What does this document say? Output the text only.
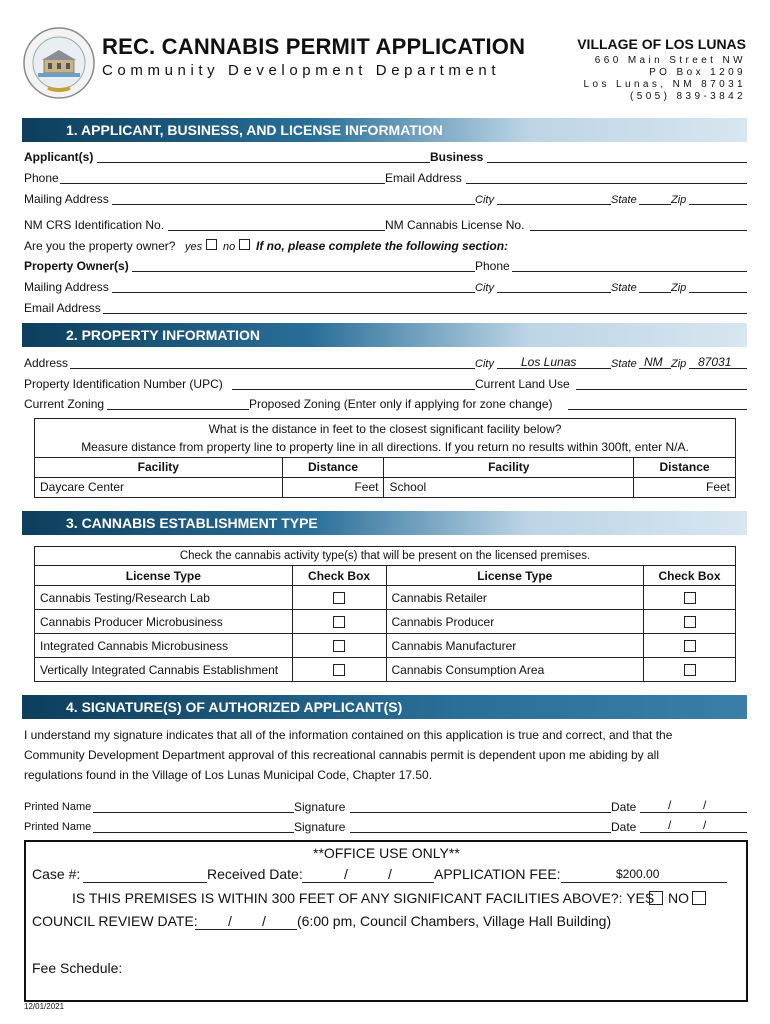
REC. CANNABIS PERMIT APPLICATION
Community Development Department
VILLAGE OF LOS LUNAS
660 Main Street NW
PO Box 1209
Los Lunas, NM 87031
(505) 839-3842
1. APPLICANT, BUSINESS, AND LICENSE INFORMATION
Applicant(s)	Business
Phone	Email Address
Mailing Address	City	State	Zip
NM CRS Identification No.	NM Cannabis License No.
Are you the property owner? yes no If no, please complete the following section:
Property Owner(s)	Phone
Mailing Address	City	State	Zip
Email Address
2. PROPERTY INFORMATION
Address	City Los Lunas	State NM Zip 87031
Property Identification Number (UPC)	Current Land Use
Current Zoning	Proposed Zoning (Enter only if applying for zone change)
What is the distance in feet to the closest significant facility below?			
Measure distance from property line to property line in all directions. If you return no results within 300ft, enter N/A.			
Facility	Distance	Facility	Distance
Daycare Center	Feet	School	Feet
3. CANNABIS ESTABLISHMENT TYPE
Check the cannabis activity type(s) that will be present on the licensed premises.			
License Type	Check Box	License Type	Check Box
Cannabis Testing/Research Lab		Cannabis Retailer	
Cannabis Producer Microbusiness		Cannabis Producer	
Integrated Cannabis Microbusiness		Cannabis Manufacturer	
Vertically Integrated Cannabis Establishment		Cannabis Consumption Area	
4. SIGNATURE(S) OF AUTHORIZED APPLICANT(S)
I understand my signature indicates that all of the information contained on this application is true and correct, and that the
Community Development Department approval of this recreational cannabis permit is dependent upon me abiding by all
regulations found in the Village of Los Lunas Municipal Code, Chapter 17.50.
Printed Name	Signature	Date	/	/
Printed Name	Signature	Date	/	/
**OFFICE USE ONLY**
Case #:	Received Date:	/	/	APPLICATION FEE:	$200.00
IS THIS PREMISES IS WITHIN 300 FEET OF ANY SIGNIFICANT FACILITIES ABOVE?: YES NO
COUNCIL REVIEW DATE: / / (6:00 pm, Council Chambers, Village Hall Building)
Fee Schedule:
12/01/2021
